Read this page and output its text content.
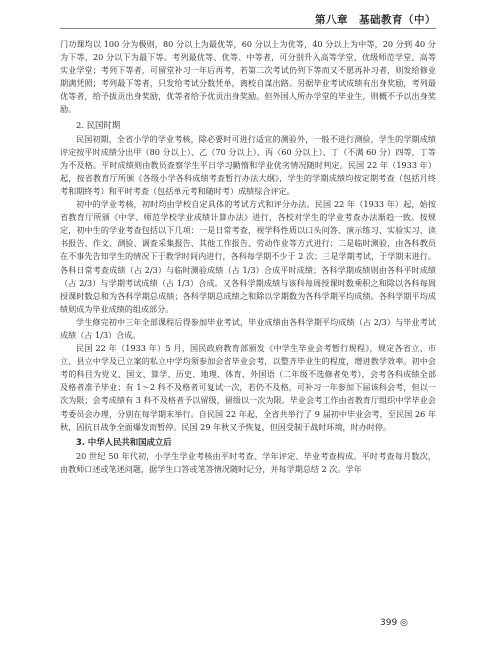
第八章　基础教育（中）

门功课均以 100 分为极则，80 分以上为最优等，60 分以上为优等，40 分以上为中等，20 分到 40 分为下等，20 分以下为最下等。考列最优等、优等、中等者，可分别升入高等学堂、优级师范学堂、高等实业学堂；考列下等者，可留堂补习一年后再考，若第二次考试仍列下等而又不愿再补习者，则发给修业期满凭照；考列最下等者，只发给考试分数凭单，离校自谋出路。另据毕业考试成绩有出身奖励，考列最优等者，给予拔贡出身奖励，优等者给予优贡出身奖励。但外国人所办学堂的毕业生，则概不予以出身奖励。

2. 民国时期

民国初期，全省小学的学业考核，除必要时可进行适宜的测验外，一般不进行测验，学生的学期成绩评定按平时成绩分出甲（80 分以上）、乙（70 分以上）、丙（60 分以上）、丁（不满 60 分）四等，丁等为不及格。平时成绩则由教员查察学生平日学习勤惰和学业优劣情况随时判定。民国 22 年（1933 年）起，按省教育厅所颁《各级小学各科成绩考查暂行办法大纲》，学生的学期成绩均按定期考查（包括月终考和期终考）和平时考查（包括单元考和随时考）成绩综合评定。

初中的学业考核，初时均由学校自定具体的考试方式和评分办法。民国 22 年（1933 年）起，始按省教育厅所颁《中学、师范学校学业成绩计算办法》进行，各校对学生的学业考查办法渐趋一致。按规定，初中生的学业考查包括以下几项：一是日常考查，视学科性质以口头问答、演示练习、实验实习、读书报告、作文、测验、调查采集报告、其他工作报告、劳动作业等方式进行；二是临时测验，由各科教员在不事先告知学生的情况下于教学时间内进行，各科每学期不少于 2 次；三是学期考试，于学期末进行。各科日常考查成绩（占 2/3）与临时测验成绩（占 1/3）合成平时成绩；各科学期成绩则由各科平时成绩（占 2/3）与学期考试成绩（占 1/3）合成。又各科学期成绩与该科每周授课时数乘积之和除以各科每周授课时数总和为各科学期总成绩；各科学期总成绩之和除以学期数为各科学期平均成绩。各科学期平均成绩则成为毕业成绩的组成部分。

学生修完初中三年全部课程后得参加毕业考试，毕业成绩由各科学期平均成绩（占 2/3）与毕业考试成绩（占 1/3）合成。

民国 22 年（1933 年）5 月，国民政府教育部颁发《中学生毕业会考暂行规程》，规定各省立、市立、县立中学及已立案的私立中学均须参加会省毕业会考，以整齐毕业生的程度，增进教学效率。初中会考的科目为党义、国文、算学、历史、地理、体育、外国语（二年级不选修者免考），会考各科成绩全部及格者准予毕业；有 1～2 科不及格者可复试一次，若仍不及格，可补习一年参加下届该科会考，但以一次为限；会考成绩有 3 科不及格者予以留级，留级以一次为限。毕业会考工作由省教育厅组织中学毕业会考委员会办理，分别在每学期末举行。自民国 22 年起，全省共举行了 9 届初中毕业会考，至民国 26 年秋，因抗日战争全面爆发而暂停。民国 29 年秋又予恢复，但因受制于战时环境，时办时停。

3. 中华人民共和国成立后

20 世纪 50 年代初，小学生学业考核由平时考查、学年评定、毕业考查构成。平时考查每月数次，由教师口述或笔述问题，据学生口答或笔答情况随时记分，并每学期总结 2 次。学年

399 ◎
